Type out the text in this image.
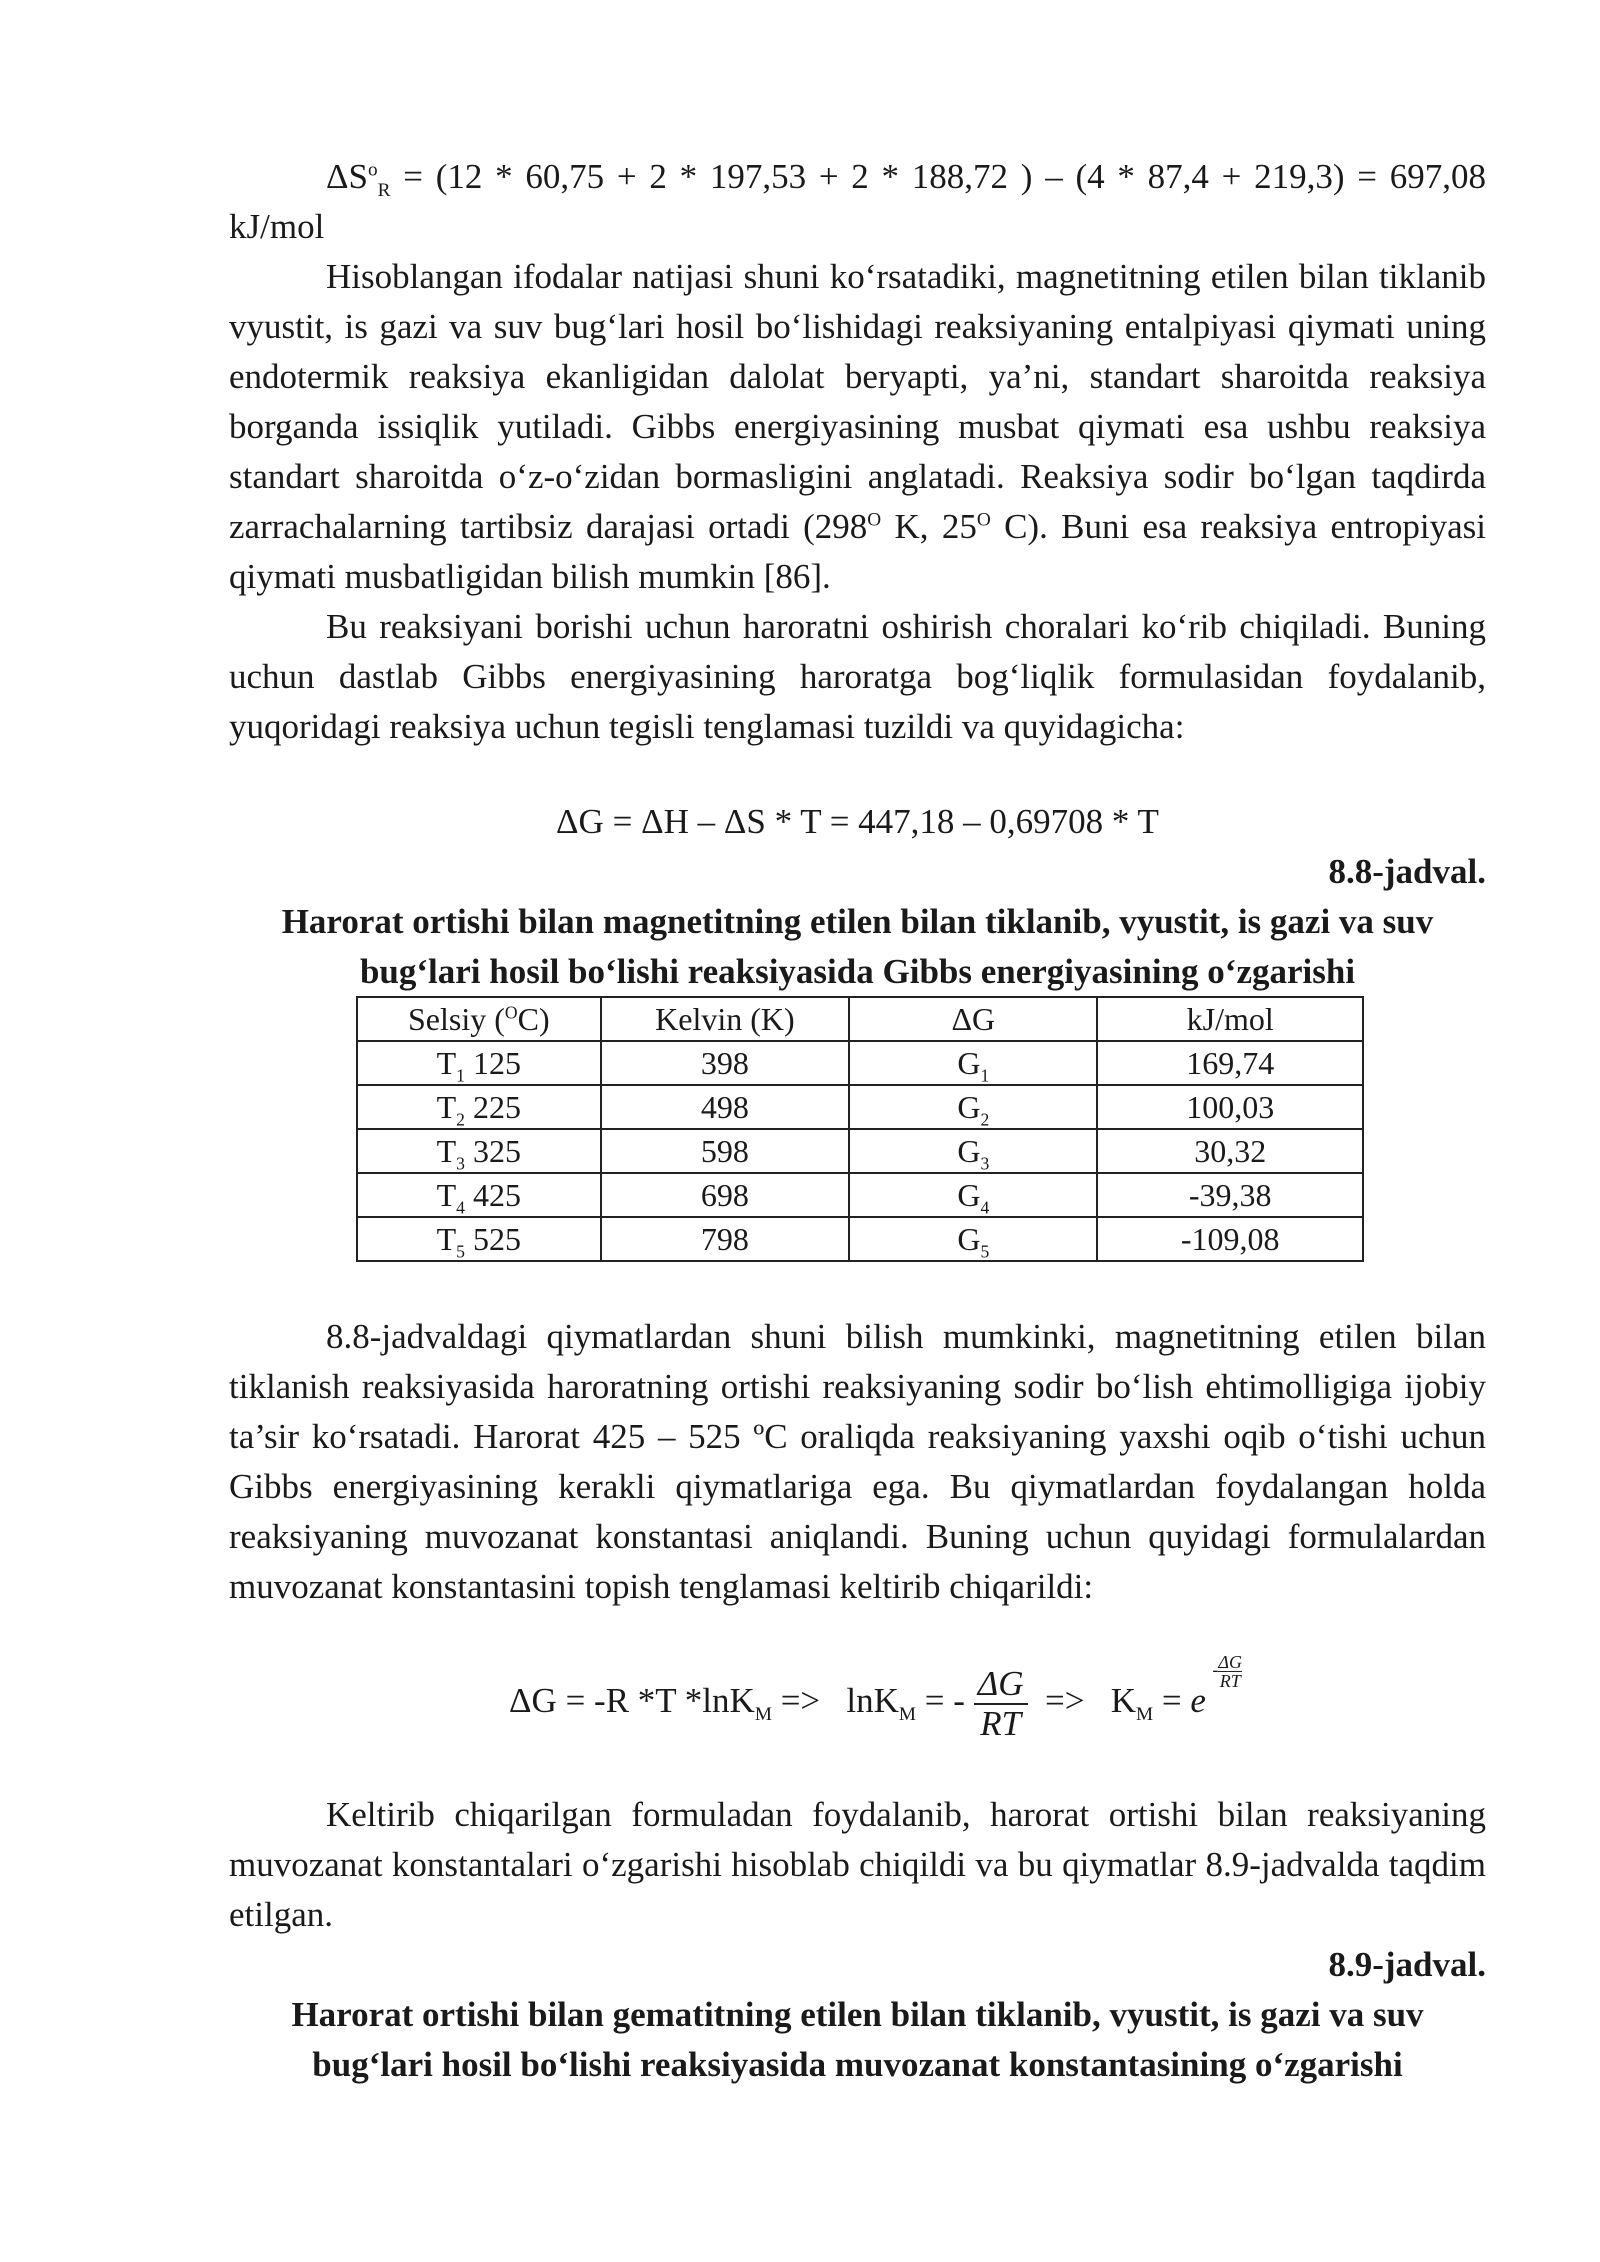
$\Delta S^o_R = (12 * 60,75 + 2 * 197,53 + 2 * 188,72$ ) – (4 * 87,4 + 219,3) = 697,08 kJ/mol

Hisoblangan ifodalar natijasi shuni ko‘rsatadiki, magnetitning etilen bilan tiklanib vyustit, is gazi va suv bug‘lari hosil bo‘lishidagi reaksiyaning entalpiyasi qiymati uning endotermik reaksiya ekanligidan dalolat beryapti, ya’ni, standart sharoitda reaksiya borganda issiqlik yutiladi. Gibbs energiyasining musbat qiymati esa ushbu reaksiya standart sharoitda o‘z-o‘zidan bormasligini anglatadi. Reaksiya sodir bo‘lgan taqdirda zarrachalarning tartibsiz darajasi ortadi ($298^O$ K, $25^O$ C). Buni esa reaksiya entropiyasi qiymati musbatligidan bilish mumkin [86].

Bu reaksiyani borishi uchun haroratni oshirish choralari ko‘rib chiqiladi. Buning uchun dastlab Gibbs energiyasining haroratga bog‘liqlik formulasidan foydalanib, yuqoridagi reaksiya uchun tegisli tenglamasi tuzildi va quyidagicha:

ΔG = ΔH – ΔS * T = 447,18 – 0,69708 * T

8.8-jadval.

Harorat ortishi bilan magnetitning etilen bilan tiklanib, vyustit, is gazi va suv bug‘lari hosil bo‘lishi reaksiyasida Gibbs energiyasining o‘zgarishi

Selsiy ($^O$C)	Kelvin (K)	ΔG	kJ/mol
$T_1$ 125	398	$G_1$	169,74
$T_2$ 225	498	$G_2$	100,03
$T_3$ 325	598	$G_3$	30,32
$T_4$ 425	698	$G_4$	-39,38
$T_5$ 525	798	$G_5$	-109,08

8.8-jadvaldagi qiymatlardan shuni bilish mumkinki, magnetitning etilen bilan tiklanish reaksiyasida haroratning ortishi reaksiyaning sodir bo‘lish ehtimolligiga ijobiy ta’sir ko‘rsatadi. Harorat 425 – 525 ºC oraliqda reaksiyaning yaxshi oqib o‘tishi uchun Gibbs energiyasining kerakli qiymatlariga ega. Bu qiymatlardan foydalangan holda reaksiyaning muvozanat konstantasi aniqlandi. Buning uchun quyidagi formulalardan muvozanat konstantasini topish tenglamasi keltirib chiqarildi:

ΔG = -R *T *lnK$_M$ =>   lnK$_M$ = - $\frac{\Delta G}{RT} => K_M = e$
- $\frac{\Delta G}{RT}$

Keltirib chiqarilgan formuladan foydalanib, harorat ortishi bilan reaksiyaning muvozanat konstantalari o‘zgarishi hisoblab chiqildi va bu qiymatlar 8.9-jadvalda taqdim etilgan.

8.9-jadval.

Harorat ortishi bilan gematitning etilen bilan tiklanib, vyustit, is gazi va suv bug‘lari hosil bo‘lishi reaksiyasida muvozanat konstantasining o‘zgarishi
